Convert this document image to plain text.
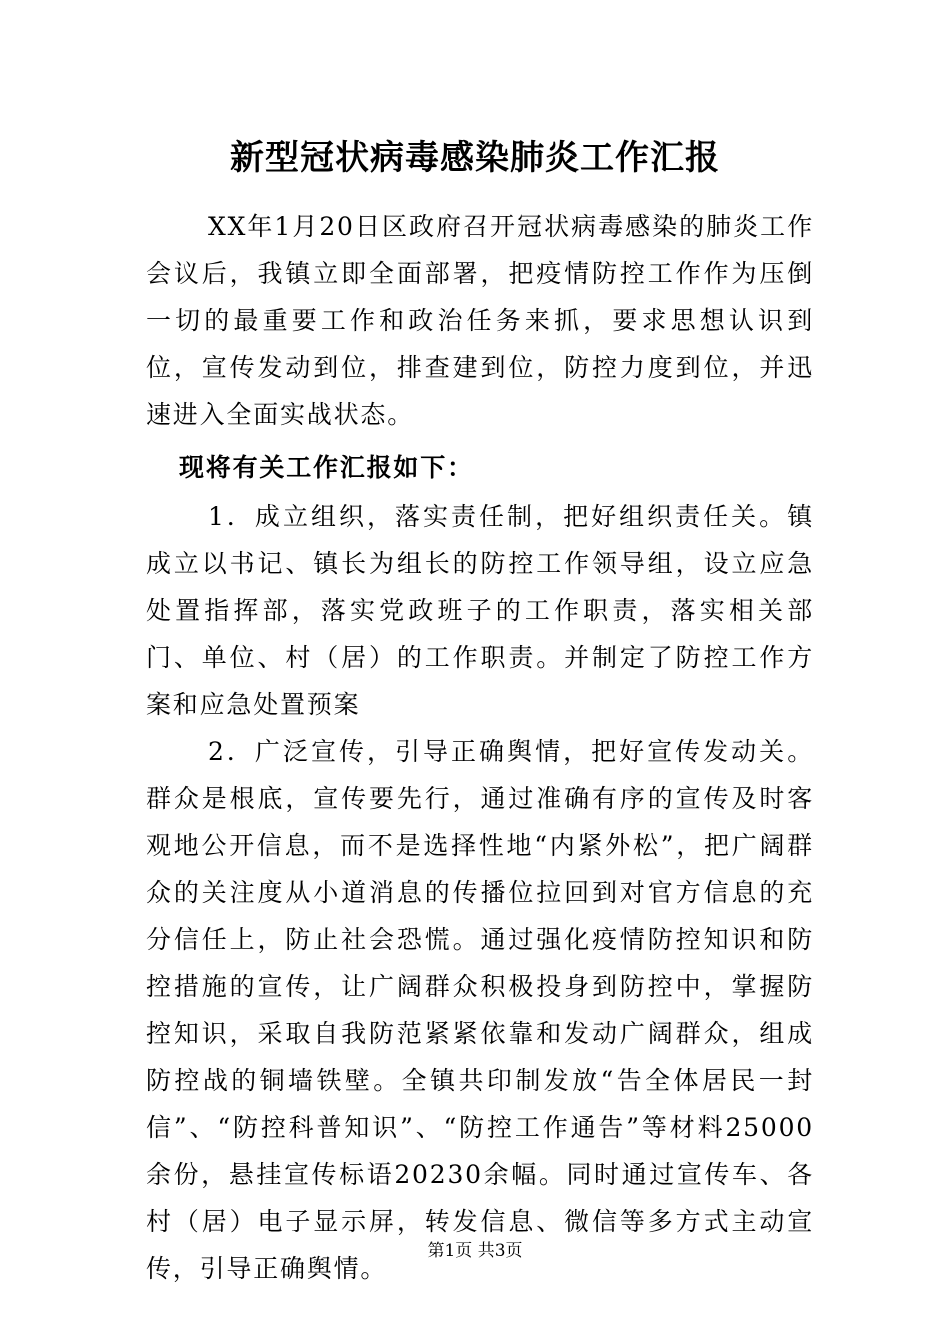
新型冠状病毒感染肺炎工作汇报

XX年1月20日区政府召开冠状病毒感染的肺炎工作会议后，我镇立即全面部署，把疫情防控工作作为压倒一切的最重要工作和政治任务来抓，要求思想认识到位，宣传发动到位，排查建到位，防控力度到位，并迅速进入全面实战状态。

现将有关工作汇报如下：

1．成立组织，落实责任制，把好组织责任关。镇成立以书记、镇长为组长的防控工作领导组，设立应急处置指挥部，落实党政班子的工作职责，落实相关部门、单位、村（居）的工作职责。并制定了防控工作方案和应急处置预案

2．广泛宣传，引导正确舆情，把好宣传发动关。群众是根底，宣传要先行，通过准确有序的宣传及时客观地公开信息，而不是选择性地“内紧外松”，把广阔群众的关注度从小道消息的传播位拉回到对官方信息的充分信任上，防止社会恐慌。通过强化疫情防控知识和防控措施的宣传，让广阔群众积极投身到防控中，掌握防控知识，采取自我防范紧紧依靠和发动广阔群众，组成防控战的铜墙铁壁。全镇共印制发放“告全体居民一封信”、“防控科普知识”、“防控工作通告”等材料25000余份，悬挂宣传标语20230余幅。同时通过宣传车、各村（居）电子显示屏，转发信息、微信等多方式主动宣传，引导正确舆情。

第1页 共3页
